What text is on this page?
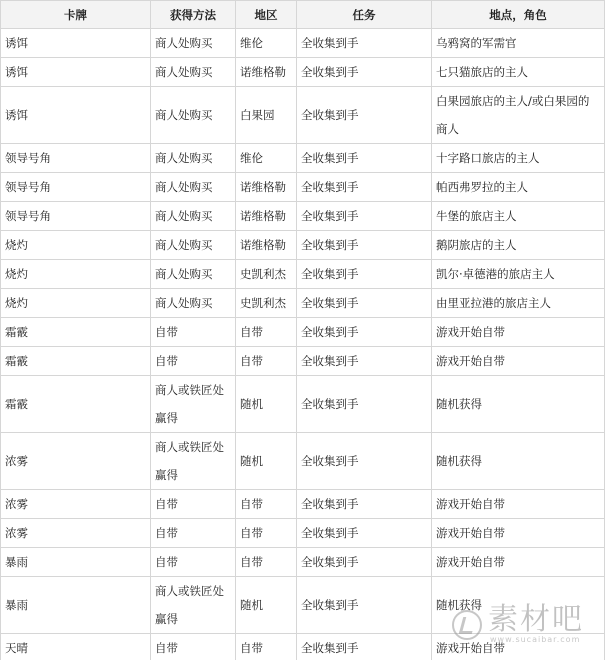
卡牌	获得方法	地区	任务	地点，角色
诱饵	商人处购买	维伦	全收集到手	乌鸦窝的军需官
诱饵	商人处购买	诺维格勒	全收集到手	七只猫旅店的主人
诱饵	商人处购买	白果园	全收集到手	白果园旅店的主人/或白果园的商人
领导号角	商人处购买	维伦	全收集到手	十字路口旅店的主人
领导号角	商人处购买	诺维格勒	全收集到手	帕西弗罗拉的主人
领导号角	商人处购买	诺维格勒	全收集到手	牛堡的旅店主人
烧灼	商人处购买	诺维格勒	全收集到手	鹅阴旅店的主人
烧灼	商人处购买	史凯利杰	全收集到手	凯尔·卓德港的旅店主人
烧灼	商人处购买	史凯利杰	全收集到手	由里亚拉港的旅店主人
霜霰	自带	自带	全收集到手	游戏开始自带
霜霰	自带	自带	全收集到手	游戏开始自带
霜霰	商人或铁匠处赢得	随机	全收集到手	随机获得
浓雾	商人或铁匠处赢得	随机	全收集到手	随机获得
浓雾	自带	自带	全收集到手	游戏开始自带
浓雾	自带	自带	全收集到手	游戏开始自带
暴雨	自带	自带	全收集到手	游戏开始自带
暴雨	商人或铁匠处赢得	随机	全收集到手	随机获得
天晴	自带	自带	全收集到手	游戏开始自带
素材吧
www.sucaibar.com
